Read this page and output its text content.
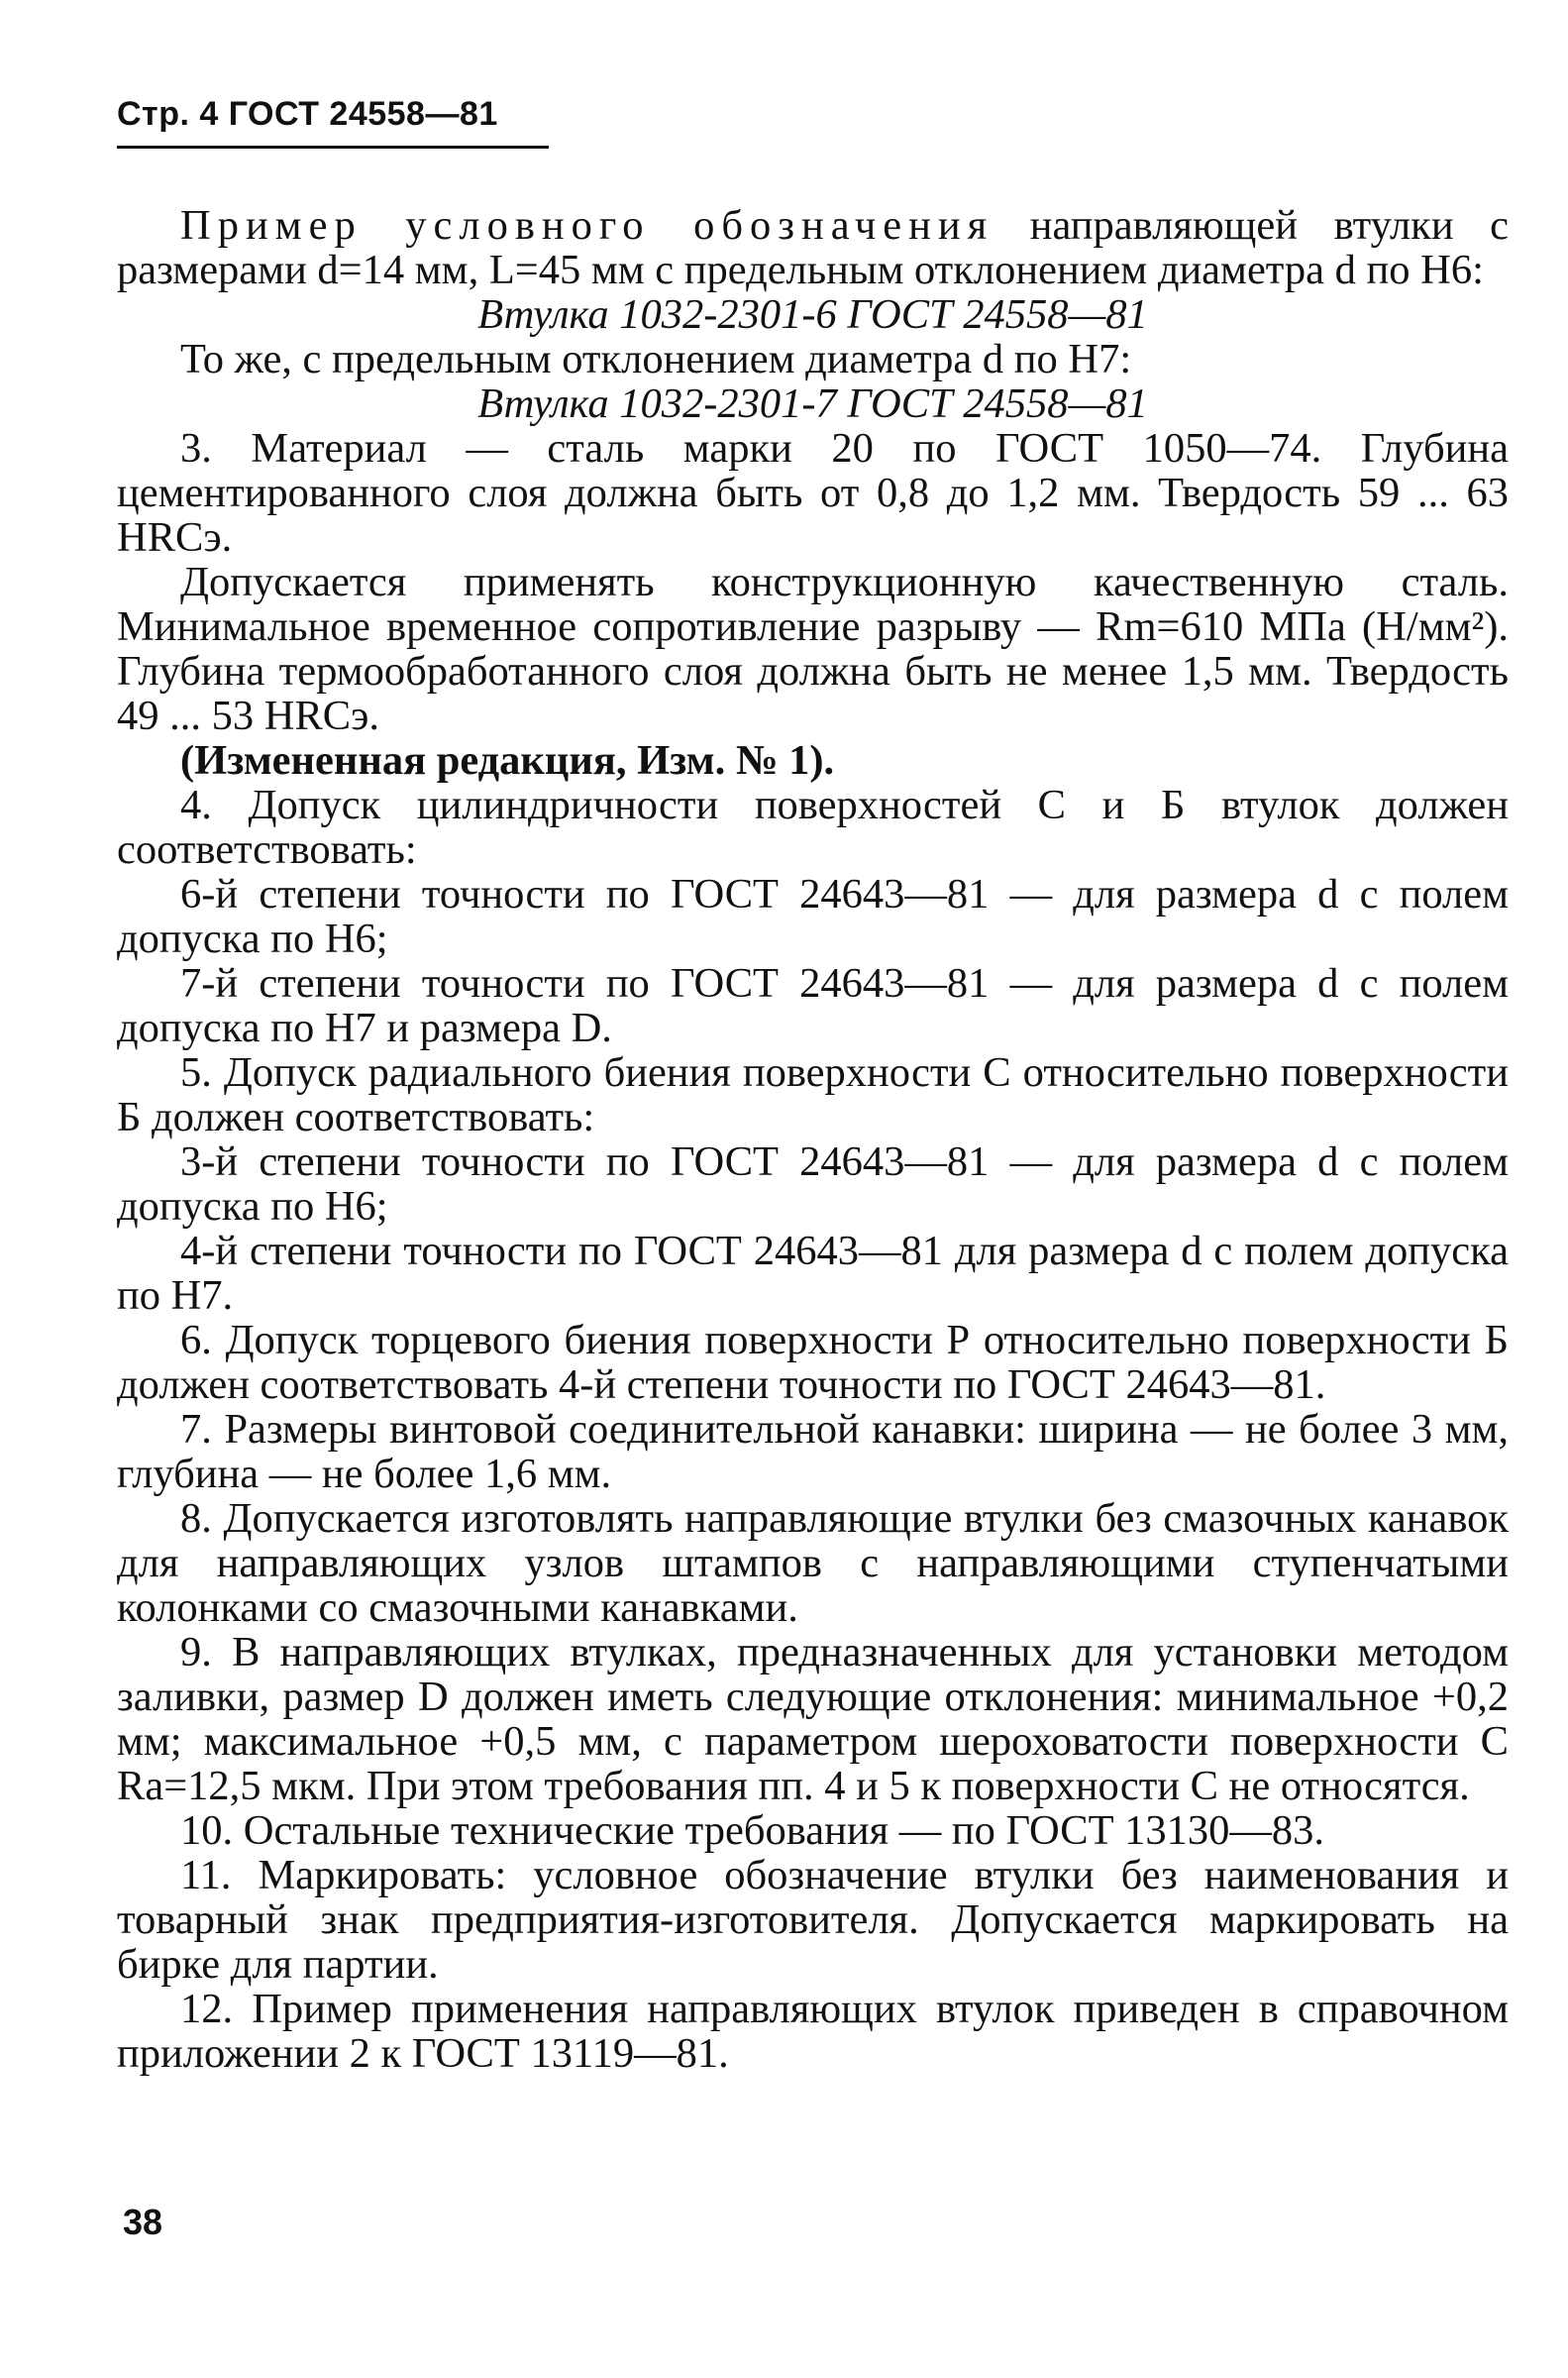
Стр. 4 ГОСТ 24558—81

Пример условного обозначения направляющей втулки с размерами d=14 мм, L=45 мм с предельным отклонением диаметра d по Н6:

Втулка 1032-2301-6 ГОСТ 24558—81

То же, с предельным отклонением диаметра d по Н7:

Втулка 1032-2301-7 ГОСТ 24558—81

3. Материал — сталь марки 20 по ГОСТ 1050—74. Глубина цементированного слоя должна быть от 0,8 до 1,2 мм. Твердость 59 ... 63 HRCэ.

Допускается применять конструкционную качественную сталь. Минимальное временное сопротивление разрыву — Rm=610 МПа (Н/мм²). Глубина термообработанного слоя должна быть не менее 1,5 мм. Твердость 49 ... 53 HRCэ.

(Измененная редакция, Изм. № 1).

4. Допуск цилиндричности поверхностей С и Б втулок должен соответствовать:

6-й степени точности по ГОСТ 24643—81 — для размера d с полем допуска по Н6;

7-й степени точности по ГОСТ 24643—81 — для размера d с полем допуска по Н7 и размера D.

5. Допуск радиального биения поверхности С относительно поверхности Б должен соответствовать:

3-й степени точности по ГОСТ 24643—81 — для размера d с полем допуска по Н6;

4-й степени точности по ГОСТ 24643—81 для размера d с полем допуска по Н7.

6. Допуск торцевого биения поверхности Р относительно поверхности Б должен соответствовать 4-й степени точности по ГОСТ 24643—81.

7. Размеры винтовой соединительной канавки: ширина — не более 3 мм, глубина — не более 1,6 мм.

8. Допускается изготовлять направляющие втулки без смазочных канавок для направляющих узлов штампов с направляющими ступенчатыми колонками со смазочными канавками.

9. В направляющих втулках, предназначенных для установки методом заливки, размер D должен иметь следующие отклонения: минимальное +0,2 мм; максимальное +0,5 мм, с параметром шероховатости поверхности С Ra=12,5 мкм. При этом требования пп. 4 и 5 к поверхности С не относятся.

10. Остальные технические требования — по ГОСТ 13130—83.

11. Маркировать: условное обозначение втулки без наименования и товарный знак предприятия-изготовителя. Допускается маркировать на бирке для партии.

12. Пример применения направляющих втулок приведен в справочном приложении 2 к ГОСТ 13119—81.

38
